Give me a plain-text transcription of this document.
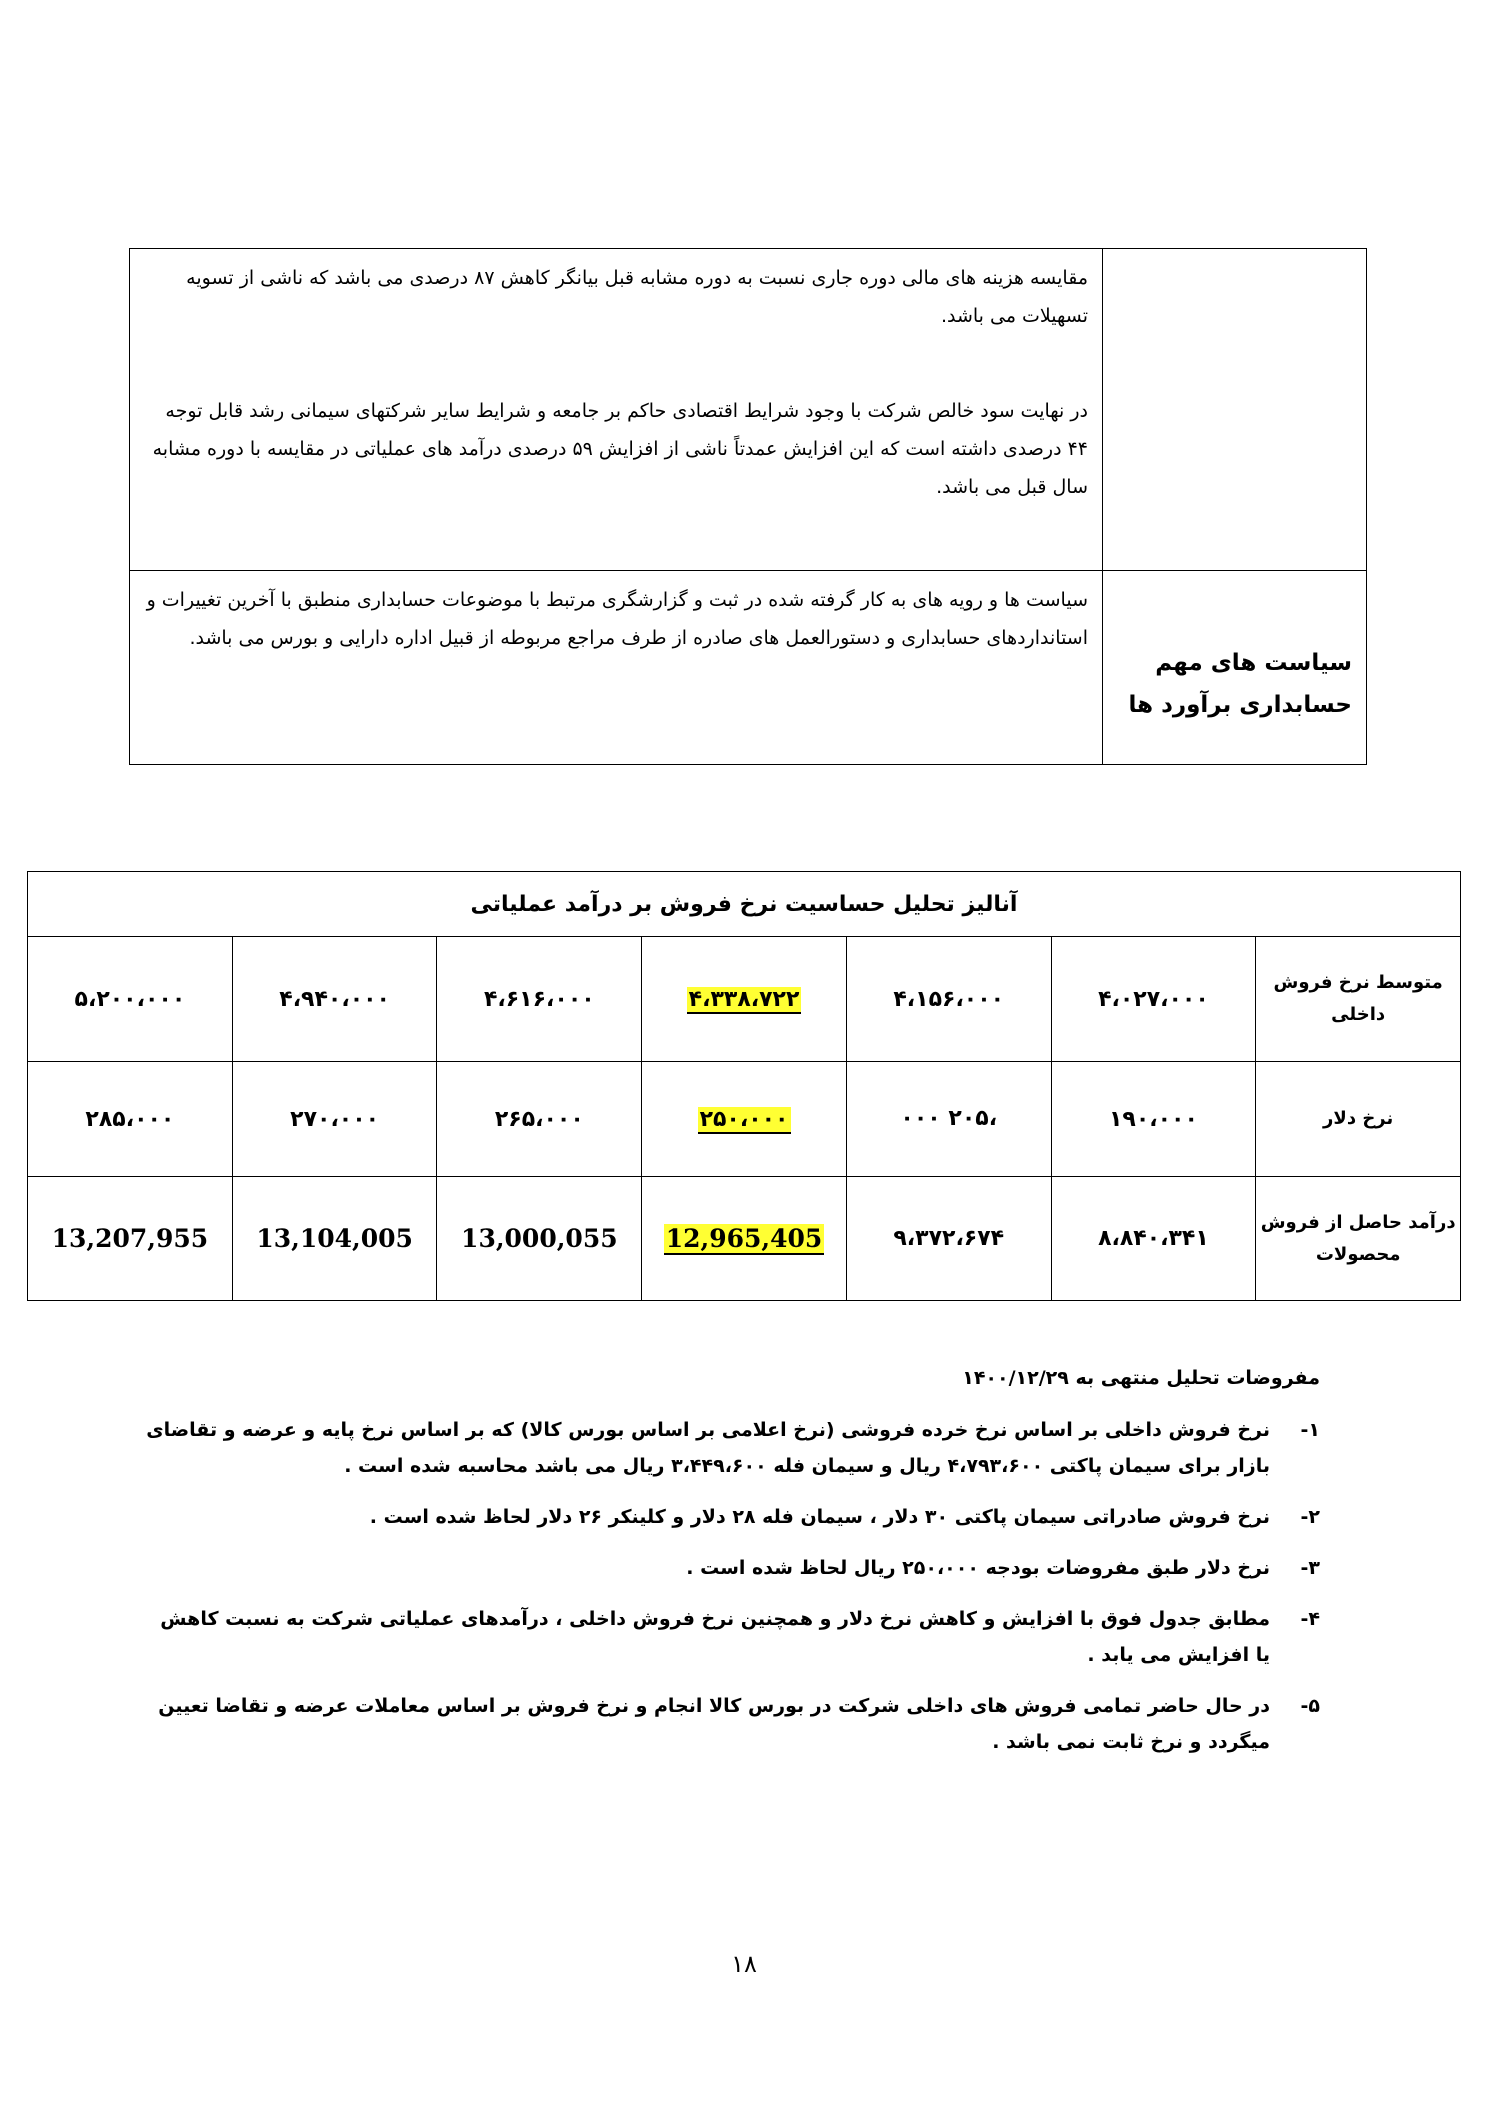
	مقایسه هزینه های مالی دوره جاری نسبت به دوره مشابه قبل بیانگر کاهش ۸۷ درصدی می باشد که ناشی از تسویه تسهیلات می باشد.

در نهایت سود خالص شرکت با وجود شرایط اقتصادی حاکم بر جامعه و شرایط سایر شرکتهای سیمانی رشد قابل توجه ۴۴ درصدی داشته است که این افزایش عمدتاً ناشی از افزایش ۵۹ درصدی درآمد های عملیاتی در مقایسه با دوره مشابه سال قبل می باشد.

سیاست های مهم حسابداری برآورد ها	سیاست ها و رویه های به کار گرفته شده در ثبت و گزارشگری مرتبط با موضوعات حسابداری منطبق با آخرین تغییرات و استانداردهای حسابداری و دستورالعمل های صادره از طرف مراجع مربوطه از قبیل اداره دارایی و بورس می باشد.

آنالیز تحلیل حساسیت نرخ فروش بر درآمد عملیاتی						
متوسط نرخ فروش داخلی	۴،۰۲۷،۰۰۰	۴،۱۵۶،۰۰۰	۴،۳۳۸،۷۲۲	۴،۶۱۶،۰۰۰	۴،۹۴۰،۰۰۰	۵،۲۰۰،۰۰۰
نرخ دلار	۱۹۰،۰۰۰	،۲۰۵ ۰۰۰	۲۵۰،۰۰۰	۲۶۵،۰۰۰	۲۷۰،۰۰۰	۲۸۵،۰۰۰
درآمد حاصل از فروش محصولات	۸،۸۴۰،۳۴۱	۹،۳۷۲،۶۷۴	12,965,405	13,000,055	13,104,005	13,207,955
مفروضات تحلیل منتهی به ۱۴۰۰/۱۲/۲۹
۱-
نرخ فروش داخلی بر اساس نرخ خرده فروشی (نرخ اعلامی بر اساس بورس کالا) که بر اساس نرخ پایه و عرضه و تقاضای بازار برای سیمان پاکتی ۴،۷۹۳،۶۰۰ ریال و سیمان فله ۳،۴۴۹،۶۰۰ ریال می باشد محاسبه شده است .
۲-
نرخ فروش صادراتی سیمان پاکتی ۳۰ دلار ، سیمان فله ۲۸ دلار و کلینکر ۲۶ دلار لحاظ شده است .
۳-
نرخ دلار طبق مفروضات بودجه ۲۵۰،۰۰۰ ریال لحاظ شده است .
۴-
مطابق جدول فوق با افزایش و کاهش نرخ دلار و همچنین نرخ فروش داخلی ، درآمدهای عملیاتی شرکت به نسبت کاهش یا افزایش می یابد .
۵-
در حال حاضر تمامی فروش های داخلی شرکت در بورس کالا انجام و نرخ فروش بر اساس معاملات عرضه و تقاضا تعیین میگردد و نرخ ثابت نمی باشد .
۱۸
